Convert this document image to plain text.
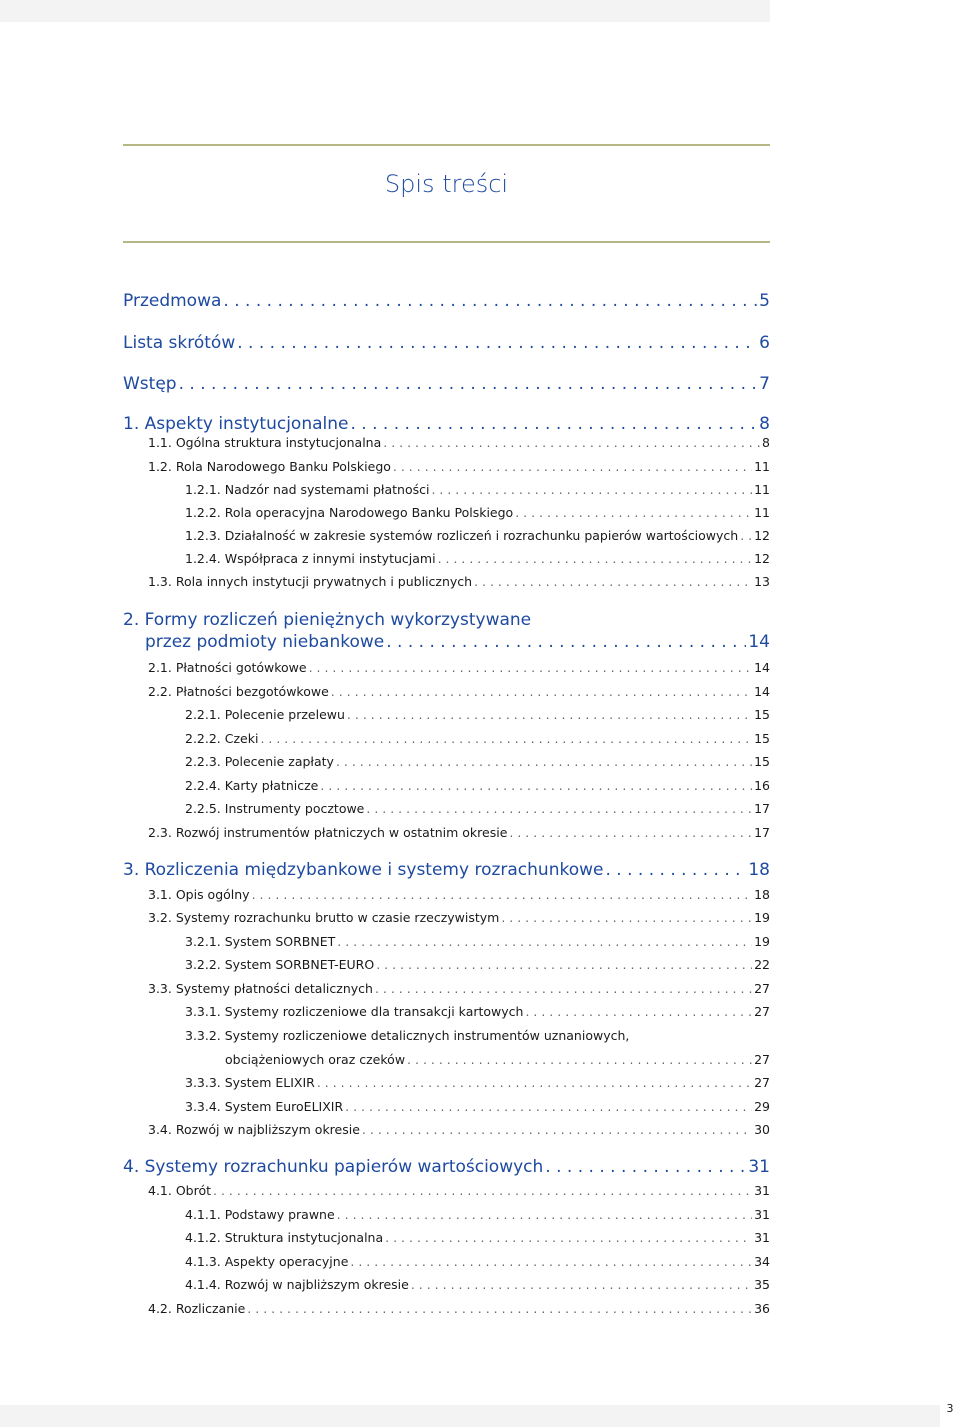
Spis treści
Przedmowa . . .	5
Lista skrótów . . .	6
Wstęp . . .	7
1. Aspekty instytucjonalne . . .	8
1.1. Ogólna struktura instytucjonalna . . .	8
1.2. Rola Narodowego Banku Polskiego . . .	11
1.2.1. Nadzór nad systemami płatności . . .	11
1.2.2. Rola operacyjna Narodowego Banku Polskiego . . .	11
1.2.3. Działalność w zakresie systemów rozliczeń i rozrachunku papierów wartościowych . . . 12
1.2.4. Współpraca z innymi instytucjami . . .	12
1.3. Rola innych instytucji prywatnych i publicznych . . .	13
2. Formy rozliczeń pieniężnych wykorzystywane
przez podmioty niebankowe . . .	14
2.1. Płatności gotówkowe . . .	14
2.2. Płatności bezgotówkowe . . .	14
2.2.1. Polecenie przelewu . . .	15
2.2.2. Czeki . . .	15
2.2.3. Polecenie zapłaty . . .	15
2.2.4. Karty płatnicze . . .	16
2.2.5. Instrumenty pocztowe . . .	17
2.3. Rozwój instrumentów płatniczych w ostatnim okresie . . .	17
3. Rozliczenia międzybankowe i systemy rozrachunkowe . . .	18
3.1. Opis ogólny . . .	18
3.2. Systemy rozrachunku brutto w czasie rzeczywistym . . .	19
3.2.1. System SORBNET . . .	19
3.2.2. System SORBNET-EURO . . .	22
3.3. Systemy płatności detalicznych . . .	27
3.3.1. Systemy rozliczeniowe dla transakcji kartowych . . .	27
3.3.2. Systemy rozliczeniowe detalicznych instrumentów uznaniowych,
obciążeniowych oraz czeków . . .	27
3.3.3. System ELIXIR . . .	27
3.3.4. System EuroELIXIR . . .	29
3.4. Rozwój w najbliższym okresie . . .	30
4. Systemy rozrachunku papierów wartościowych . . .	31
4.1. Obrót . . .	31
4.1.1. Podstawy prawne . . .	31
4.1.2. Struktura instytucjonalna . . .	31
4.1.3. Aspekty operacyjne . . .	34
4.1.4. Rozwój w najbliższym okresie . . .	35
4.2. Rozliczanie . . .	36
3
